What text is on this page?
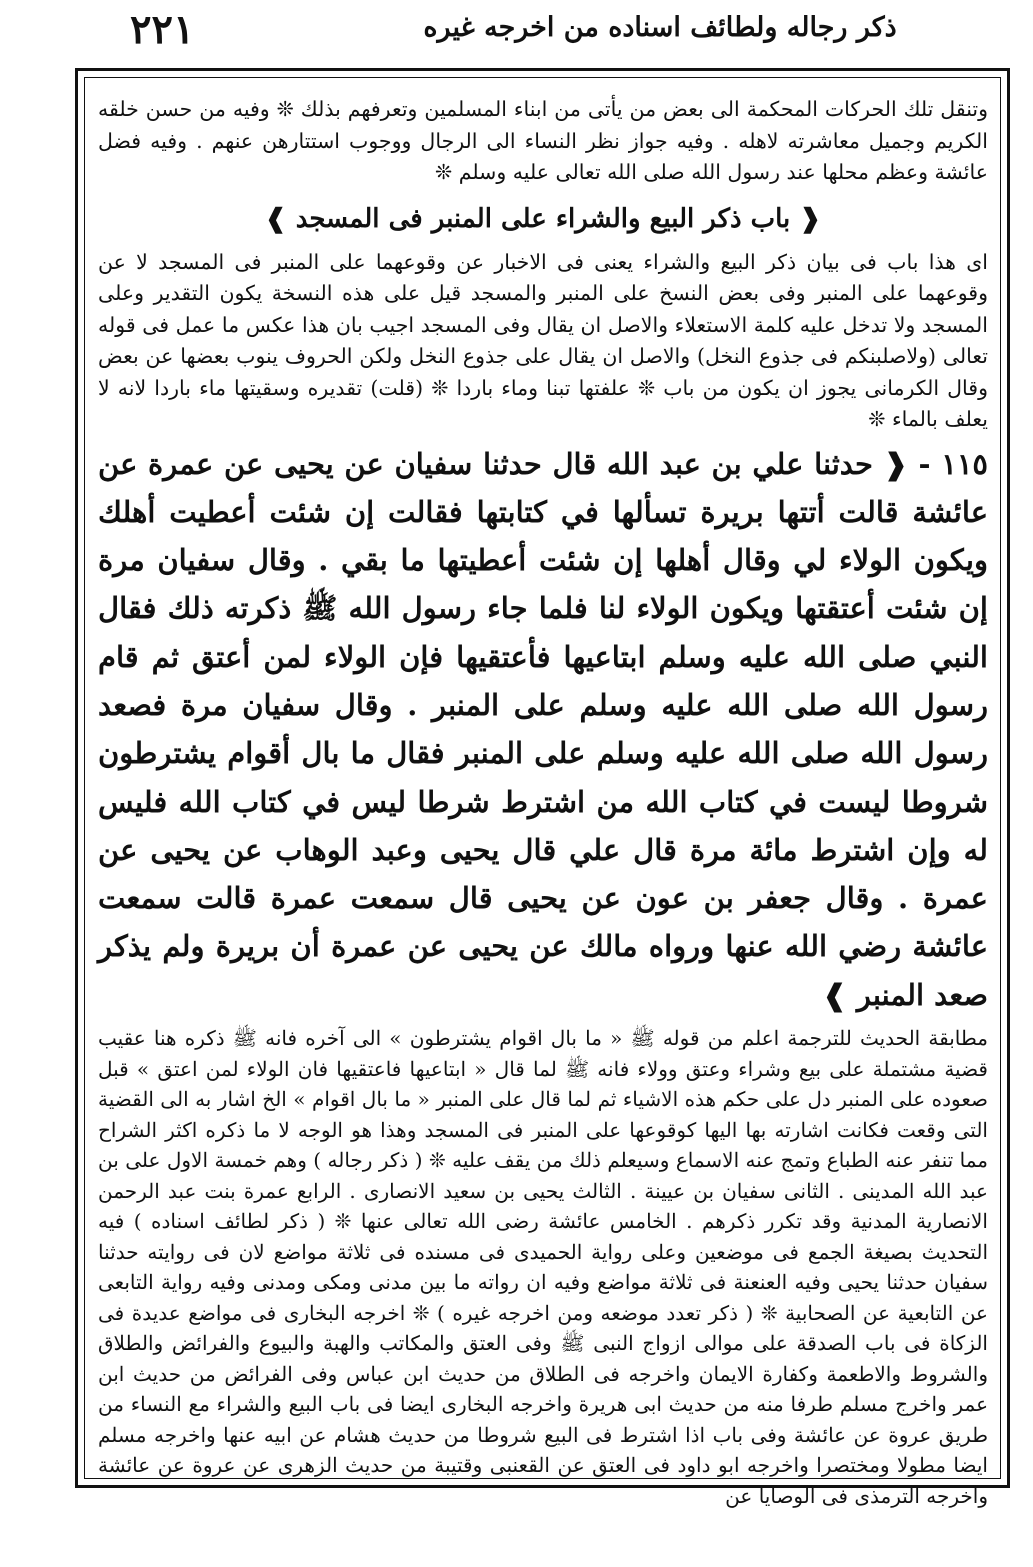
ذكر رجاله ولطائف اسناده من اخرجه غيره
٢٢١

وتنقل تلك الحركات المحكمة الى بعض من يأتى من ابناء المسلمين وتعرفهم بذلك ❊ وفيه من حسن خلقه الكريم وجميل معاشرته لاهله . وفيه جواز نظر النساء الى الرجال ووجوب استتارهن عنهم . وفيه فضل عائشة وعظم محلها عند رسول الله صلى الله تعالى عليه وسلم ❊

❰ باب ذكر البيع والشراء على المنبر فى المسجد ❱

اى هذا باب فى بيان ذكر البيع والشراء يعنى فى الاخبار عن وقوعهما على المنبر فى المسجد لا عن وقوعهما على المنبر وفى بعض النسخ على المنبر والمسجد قيل على هذه النسخة يكون التقدير وعلى المسجد ولا تدخل عليه كلمة الاستعلاء والاصل ان يقال وفى المسجد اجيب بان هذا عكس ما عمل فى قوله تعالى (ولاصلبنكم فى جذوع النخل) والاصل ان يقال على جذوع النخل ولكن الحروف ينوب بعضها عن بعض وقال الكرمانى يجوز ان يكون من باب ❊ علفتها تبنا وماء باردا ❊ (قلت) تقديره وسقيتها ماء باردا لانه لا يعلف بالماء ❊

١١٥ - ❰ حدثنا علي بن عبد الله قال حدثنا سفيان عن يحيى عن عمرة عن عائشة قالت أتتها بريرة تسألها في كتابتها فقالت إن شئت أعطيت أهلك ويكون الولاء لي وقال أهلها إن شئت أعطيتها ما بقي . وقال سفيان مرة إن شئت أعتقتها ويكون الولاء لنا فلما جاء رسول الله ﷺ ذكرته ذلك فقال النبي صلى الله عليه وسلم ابتاعيها فأعتقيها فإن الولاء لمن أعتق ثم قام رسول الله صلى الله عليه وسلم على المنبر . وقال سفيان مرة فصعد رسول الله صلى الله عليه وسلم على المنبر فقال ما بال أقوام يشترطون شروطا ليست في كتاب الله من اشترط شرطا ليس في كتاب الله فليس له وإن اشترط مائة مرة قال علي قال يحيى وعبد الوهاب عن يحيى عن عمرة . وقال جعفر بن عون عن يحيى قال سمعت عمرة قالت سمعت عائشة رضي الله عنها ورواه مالك عن يحيى عن عمرة أن بريرة ولم يذكر صعد المنبر ❱

مطابقة الحديث للترجمة اعلم من قوله ﷺ « ما بال اقوام يشترطون » الى آخره فانه ﷺ ذكره هنا عقيب قضية مشتملة على بيع وشراء وعتق وولاء فانه ﷺ لما قال « ابتاعيها فاعتقيها فان الولاء لمن اعتق » قبل صعوده على المنبر دل على حكم هذه الاشياء ثم لما قال على المنبر « ما بال اقوام » الخ اشار به الى القضية التى وقعت فكانت اشارته بها اليها كوقوعها على المنبر فى المسجد وهذا هو الوجه لا ما ذكره اكثر الشراح مما تنفر عنه الطباع وتمج عنه الاسماع وسيعلم ذلك من يقف عليه ❊ ( ذكر رجاله ) وهم خمسة الاول على بن عبد الله المدينى . الثانى سفيان بن عيينة . الثالث يحيى بن سعيد الانصارى . الرابع عمرة بنت عبد الرحمن الانصارية المدنية وقد تكرر ذكرهم . الخامس عائشة رضى الله تعالى عنها ❊ ( ذكر لطائف اسناده ) فيه التحديث بصيغة الجمع فى موضعين وعلى رواية الحميدى فى مسنده فى ثلاثة مواضع لان فى روايته حدثنا سفيان حدثنا يحيى وفيه العنعنة فى ثلاثة مواضع وفيه ان رواته ما بين مدنى ومكى ومدنى وفيه رواية التابعى عن التابعية عن الصحابية ❊ ( ذكر تعدد موضعه ومن اخرجه غيره ) ❊ اخرجه البخارى فى مواضع عديدة فى الزكاة فى باب الصدقة على موالى ازواج النبى ﷺ وفى العتق والمكاتب والهبة والبيوع والفرائض والطلاق والشروط والاطعمة وكفارة الايمان واخرجه فى الطلاق من حديث ابن عباس وفى الفرائض من حديث ابن عمر واخرج مسلم طرفا منه من حديث ابى هريرة واخرجه البخارى ايضا فى باب البيع والشراء مع النساء من طريق عروة عن عائشة وفى باب اذا اشترط فى البيع شروطا من حديث هشام عن ابيه عنها واخرجه مسلم ايضا مطولا ومختصرا واخرجه ابو داود فى العتق عن القعنبى وقتيبة من حديث الزهرى عن عروة عن عائشة واخرجه الترمذى فى الوصايا عن
